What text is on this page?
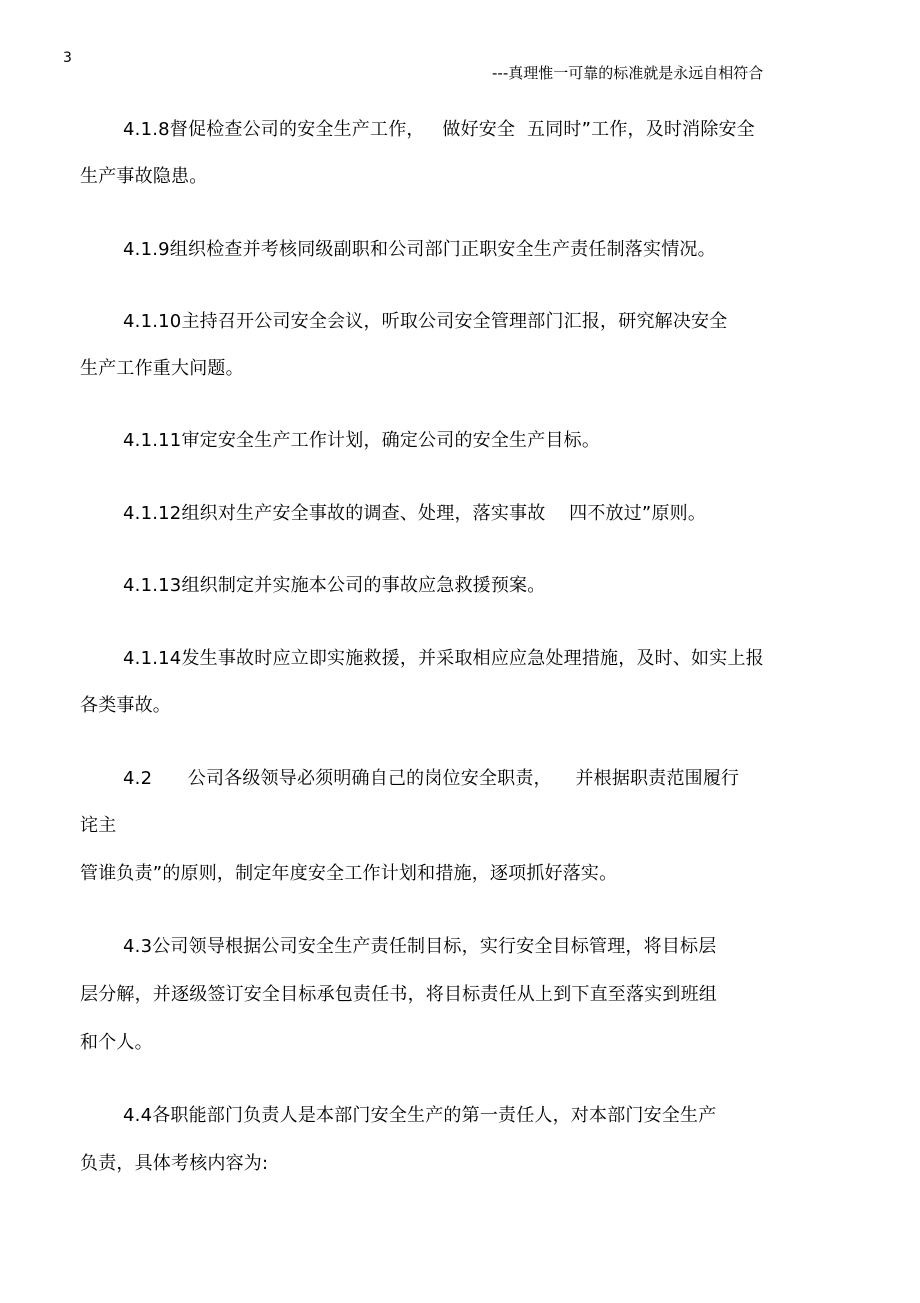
3
---真理惟一可靠的标准就是永远自相符合
4.1.8督促检查公司的安全生产工作，   做好安全  五同时”工作，及时消除安全
生产事故隐患。
4.1.9组织检查并考核同级副职和公司部门正职安全生产责任制落实情况。
4.1.10主持召开公司安全会议，听取公司安全管理部门汇报，研究解决安全
生产工作重大问题。
4.1.11审定安全生产工作计划，确定公司的安全生产目标。
4.1.12组织对生产安全事故的调查、处理，落实事故    四不放过”原则。
4.1.13组织制定并实施本公司的事故应急救援预案。
4.1.14发生事故时应立即实施救援，并采取相应应急处理措施，及时、如实上报
各类事故。
4.2      公司各级领导必须明确自己的岗位安全职责，    并根据职责范围履行
诧主
管谁负责”的原则，制定年度安全工作计划和措施，逐项抓好落实。
4.3公司领导根据公司安全生产责任制目标，实行安全目标管理，将目标层
层分解，并逐级签订安全目标承包责任书，将目标责任从上到下直至落实到班组
和个人。
4.4各职能部门负责人是本部门安全生产的第一责任人，对本部门安全生产
负责，具体考核内容为:
